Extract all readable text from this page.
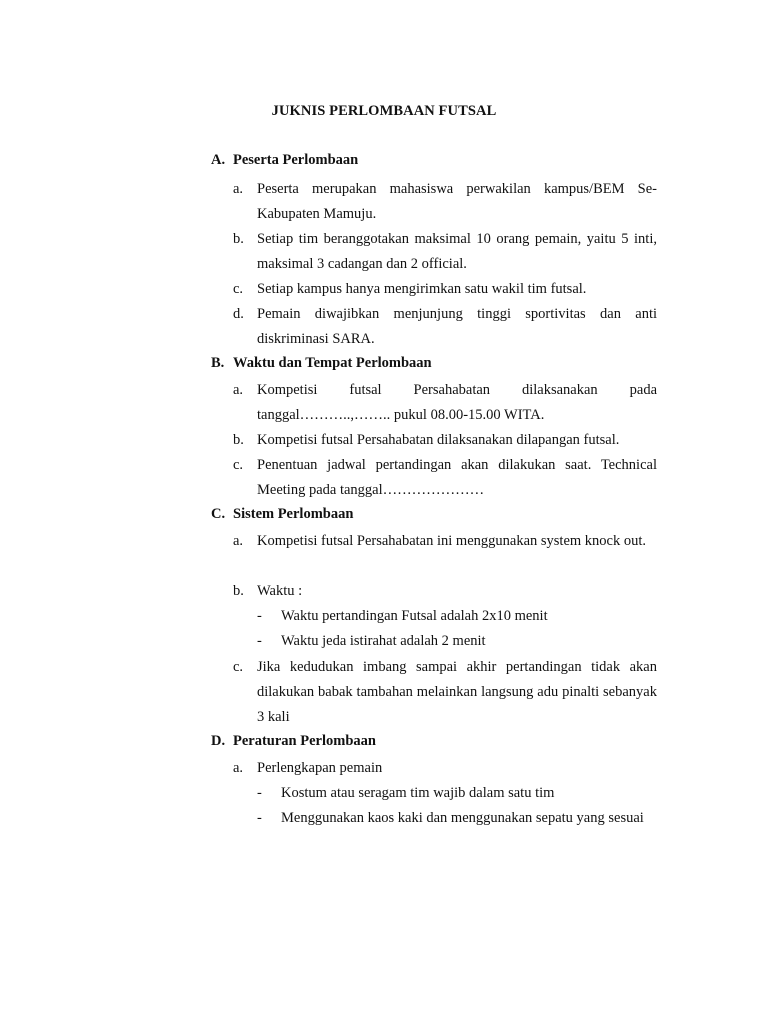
JUKNIS PERLOMBAAN FUTSAL
A. Peserta Perlombaan
a. Peserta merupakan mahasiswa perwakilan kampus/BEM Se-Kabupaten Mamuju.
b. Setiap tim beranggotakan maksimal 10 orang pemain, yaitu 5 inti, maksimal 3 cadangan dan 2 official.
c. Setiap kampus hanya mengirimkan satu wakil tim futsal.
d. Pemain diwajibkan menjunjung tinggi sportivitas dan anti diskriminasi SARA.
B. Waktu dan Tempat Perlombaan
a. Kompetisi futsal Persahabatan dilaksanakan pada tanggal………..,…….. pukul 08.00-15.00 WITA.
b. Kompetisi futsal Persahabatan dilaksanakan dilapangan futsal.
c. Penentuan jadwal pertandingan akan dilakukan saat. Technical Meeting pada tanggal…………………
C. Sistem Perlombaan
a. Kompetisi futsal Persahabatan ini menggunakan system knock out.
b. Waktu :
-	Waktu pertandingan Futsal adalah 2x10 menit
-	Waktu jeda istirahat adalah 2 menit
c. Jika kedudukan imbang sampai akhir pertandingan tidak akan dilakukan babak tambahan melainkan langsung adu pinalti sebanyak 3 kali
D. Peraturan Perlombaan
a. Perlengkapan pemain
-	Kostum atau seragam tim wajib dalam satu tim
-	Menggunakan kaos kaki dan menggunakan sepatu yang sesuai
